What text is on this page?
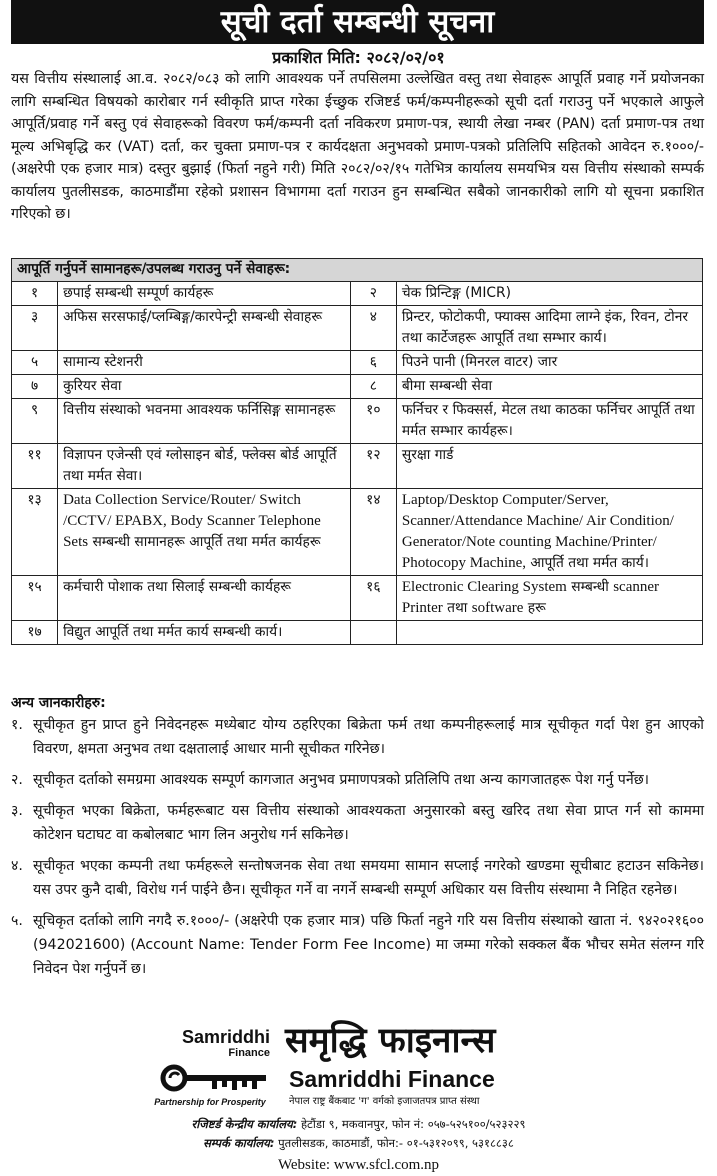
सूची दर्ता सम्बन्धी सूचना
प्रकाशित मिति: २०८२/०२/०१
यस वित्तीय संस्थालाई आ.व. २०८२/०८३ को लागि आवश्यक पर्ने तपसिलमा उल्लेखित वस्तु तथा सेवाहरू आपूर्ति प्रवाह गर्ने प्रयोजनका लागि सम्बन्धित विषयको कारोबार गर्न स्वीकृति प्राप्त गरेका ईच्छुक रजिष्टर्ड फर्म/कम्पनीहरूको सूची दर्ता गराउनु पर्ने भएकाले आफुले आपूर्ति/प्रवाह गर्ने बस्तु एवं सेवाहरूको विवरण फर्म/कम्पनी दर्ता नविकरण प्रमाण-पत्र, स्थायी लेखा नम्बर (PAN) दर्ता प्रमाण-पत्र तथा मूल्य अभिबृद्धि कर (VAT) दर्ता, कर चुक्ता प्रमाण-पत्र र कार्यदक्षता अनुभवको प्रमाण-पत्रको प्रतिलिपि सहितको आवेदन रु.१०००/- (अक्षरेपी एक हजार मात्र) दस्तुर बुझाई (फिर्ता नहुने गरी) मिति २०८२/०२/१५ गतेभित्र कार्यालय समयभित्र यस वित्तीय संस्थाको सम्पर्क कार्यालय पुतलीसडक, काठमाडौंमा रहेको प्रशासन विभागमा दर्ता गराउन हुन सम्बन्धित सबैको जानकारीको लागि यो सूचना प्रकाशित गरिएको छ।
आपूर्ति गर्नुपर्ने सामानहरू/उपलब्ध गराउनु पर्ने सेवाहरू:			
१	छपाई सम्बन्धी सम्पूर्ण कार्यहरू	२	चेक प्रिन्टिङ्ग (MICR)
३	अफिस सरसफाई/प्लम्बिङ्ग/कारपेन्ट्री सम्बन्धी सेवाहरू	४	प्रिन्टर, फोटोकपी, फ्याक्स आदिमा लाग्ने इंक, रिवन, टोनर तथा कार्टेजहरू आपूर्ति तथा सम्भार कार्य।
५	सामान्य स्टेशनरी	६	पिउने पानी (मिनरल वाटर) जार
७	कुरियर सेवा	८	बीमा सम्बन्धी सेवा
९	वित्तीय संस्थाको भवनमा आवश्यक फर्निसिङ्ग सामानहरू	१०	फर्निचर र फिक्सर्स, मेटल तथा काठका फर्निचर आपूर्ति तथा मर्मत सम्भार कार्यहरू।
११	विज्ञापन एजेन्सी एवं ग्लोसाइन बोर्ड, फ्लेक्स बोर्ड आपूर्ति तथा मर्मत सेवा।	१२	सुरक्षा गार्ड
१३	Data Collection Service/Router/ Switch /CCTV/ EPABX, Body Scanner Telephone Sets सम्बन्धी सामानहरू आपूर्ति तथा मर्मत कार्यहरू	१४	Laptop/Desktop Computer/Server, Scanner/Attendance Machine/ Air Condition/ Generator/Note counting Machine/Printer/ Photocopy Machine, आपूर्ति तथा मर्मत कार्य।
१५	कर्मचारी पोशाक तथा सिलाई सम्बन्धी कार्यहरू	१६	Electronic Clearing System सम्बन्धी scanner Printer तथा software हरू
१७	विद्युत आपूर्ति तथा मर्मत कार्य सम्बन्धी कार्य।		
अन्य जानकारीहरु:
१. सूचीकृत हुन प्राप्त हुने निवेदनहरू मध्येबाट योग्य ठहरिएका बिक्रेता फर्म तथा कम्पनीहरूलाई मात्र सूचीकृत गर्दा पेश हुन आएको विवरण, क्षमता अनुभव तथा दक्षतालाई आधार मानी सूचीकत गरिनेछ।
२. सूचीकृत दर्ताको समग्रमा आवश्यक सम्पूर्ण कागजात अनुभव प्रमाणपत्रको प्रतिलिपि तथा अन्य कागजातहरू पेश गर्नु पर्नेछ।
३. सूचीकृत भएका बिक्रेता, फर्महरूबाट यस वित्तीय संस्थाको आवश्यकता अनुसारको बस्तु खरिद तथा सेवा प्राप्त गर्न सो काममा कोटेशन घटाघट वा कबोलबाट भाग लिन अनुरोध गर्न सकिनेछ।
४. सूचीकृत भएका कम्पनी तथा फर्महरूले सन्तोषजनक सेवा तथा समयमा सामान सप्लाई नगरेको खण्डमा सूचीबाट हटाउन सकिनेछ। यस उपर कुनै दाबी, विरोध गर्न पाईने छैन। सूचीकृत गर्ने वा नगर्ने सम्बन्धी सम्पूर्ण अधिकार यस वित्तीय संस्थामा नै निहित रहनेछ।
५. सूचिकृत दर्ताको लागि नगदै रु.१०००/- (अक्षरेपी एक हजार मात्र) पछि फिर्ता नहुने गरि यस वित्तीय संस्थाको खाता नं. ९४२०२१६०० (942021600) (Account Name: Tender Form Fee Income) मा जम्मा गरेको सक्कल बैंक भौचर समेत संलग्न गरि निवेदन पेश गर्नुपर्ने छ।
Samriddhi
Finance
Partnership for Prosperity
समृद्धि फाइनान्स
Samriddhi Finance
नेपाल राष्ट्र बैंकबाट 'ग' वर्गको इजाजतपत्र प्राप्त संस्था
रजिष्टर्ड केन्द्रीय कार्यालय: हेटौंडा ९, मकवानपुर, फोन नं: ०५७-५२५१००/५२३२२९
सम्पर्क कार्यालय: पुतलीसडक, काठमाडौं, फोन:- ०१-५३१२०९९, ५३१८८३८
Website: www.sfcl.com.np
